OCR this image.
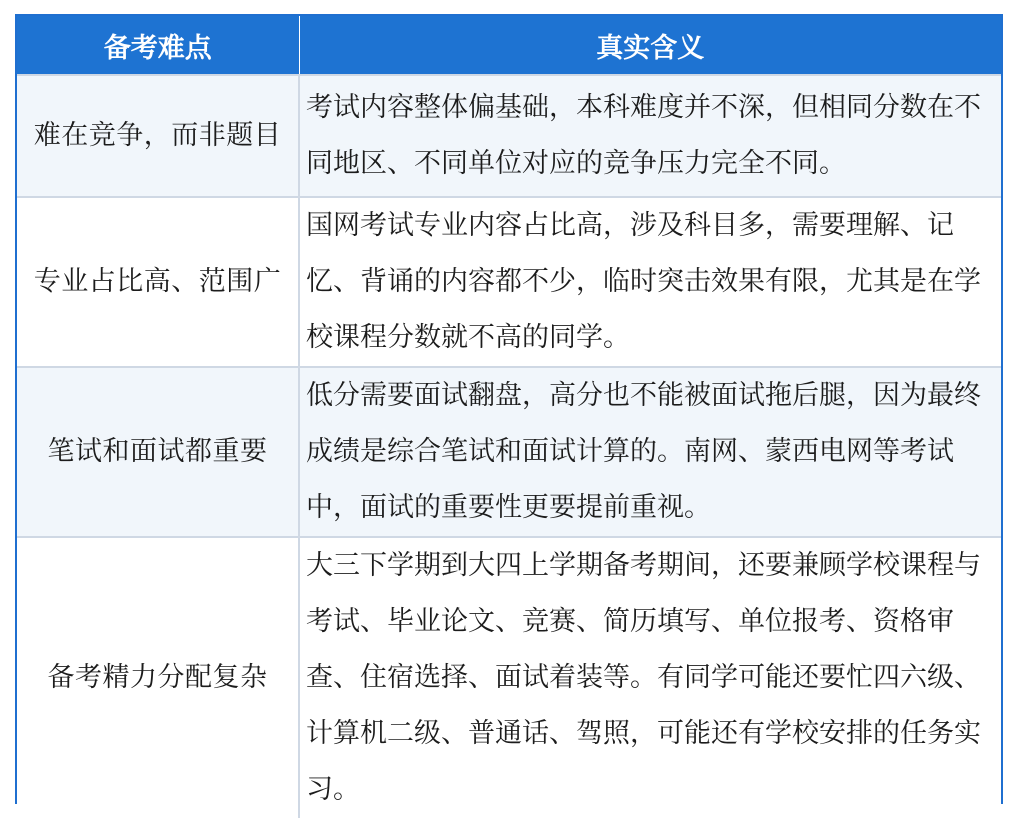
备考难点	真实含义
难在竞争，而非题目	考试内容整体偏基础，本科难度并不深，但相同分数在不同地区、不同单位对应的竞争压力完全不同。
专业占比高、范围广	国网考试专业内容占比高，涉及科目多，需要理解、记忆、背诵的内容都不少，临时突击效果有限，尤其是在学校课程分数就不高的同学。
笔试和面试都重要	低分需要面试翻盘，高分也不能被面试拖后腿，因为最终成绩是综合笔试和面试计算的。南网、蒙西电网等考试中，面试的重要性更要提前重视。
备考精力分配复杂	大三下学期到大四上学期备考期间，还要兼顾学校课程与考试、毕业论文、竞赛、简历填写、单位报考、资格审查、住宿选择、面试着装等。有同学可能还要忙四六级、计算机二级、普通话、驾照，可能还有学校安排的任务实习。
